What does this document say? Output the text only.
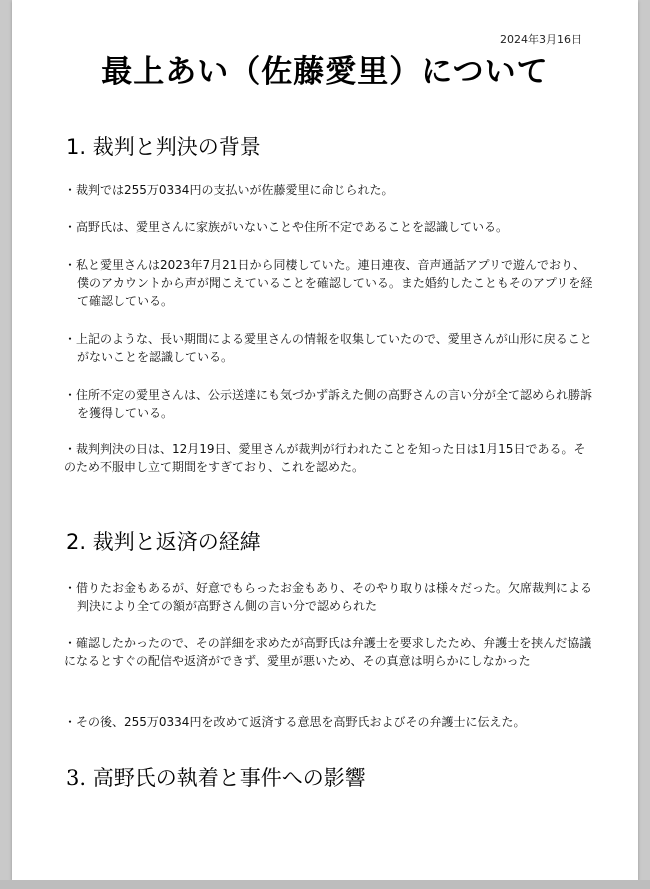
2024年3月16日
最上あい（佐藤愛里）について
1. 裁判と判決の背景

・裁判では255万0334円の支払いが佐藤愛里に命じられた。

・高野氏は、愛里さんに家族がいないことや住所不定であることを認識している。

・私と愛里さんは2023年7月21日から同棲していた。連日連夜、音声通話アプリで遊んでおり、僕のアカウントから声が聞こえていることを確認している。また婚約したこともそのアプリを経て確認している。

・上記のような、長い期間による愛里さんの情報を収集していたので、愛里さんが山形に戻ることがないことを認識している。

・住所不定の愛里さんは、公示送達にも気づかず訴えた側の高野さんの言い分が全て認められ勝訴を獲得している。

・裁判判決の日は、12月19日、愛里さんが裁判が行われたことを知った日は1月15日である。そのため不服申し立て期間をすぎており、これを認めた。

2. 裁判と返済の経緯

・借りたお金もあるが、好意でもらったお金もあり、そのやり取りは様々だった。欠席裁判による判決により全ての額が高野さん側の言い分で認められた

・確認したかったので、その詳細を求めたが高野氏は弁護士を要求したため、弁護士を挟んだ協議になるとすぐの配信や返済ができず、愛里が悪いため、その真意は明らかにしなかった

・その後、255万0334円を改めて返済する意思を高野氏およびその弁護士に伝えた。

3. 高野氏の執着と事件への影響
